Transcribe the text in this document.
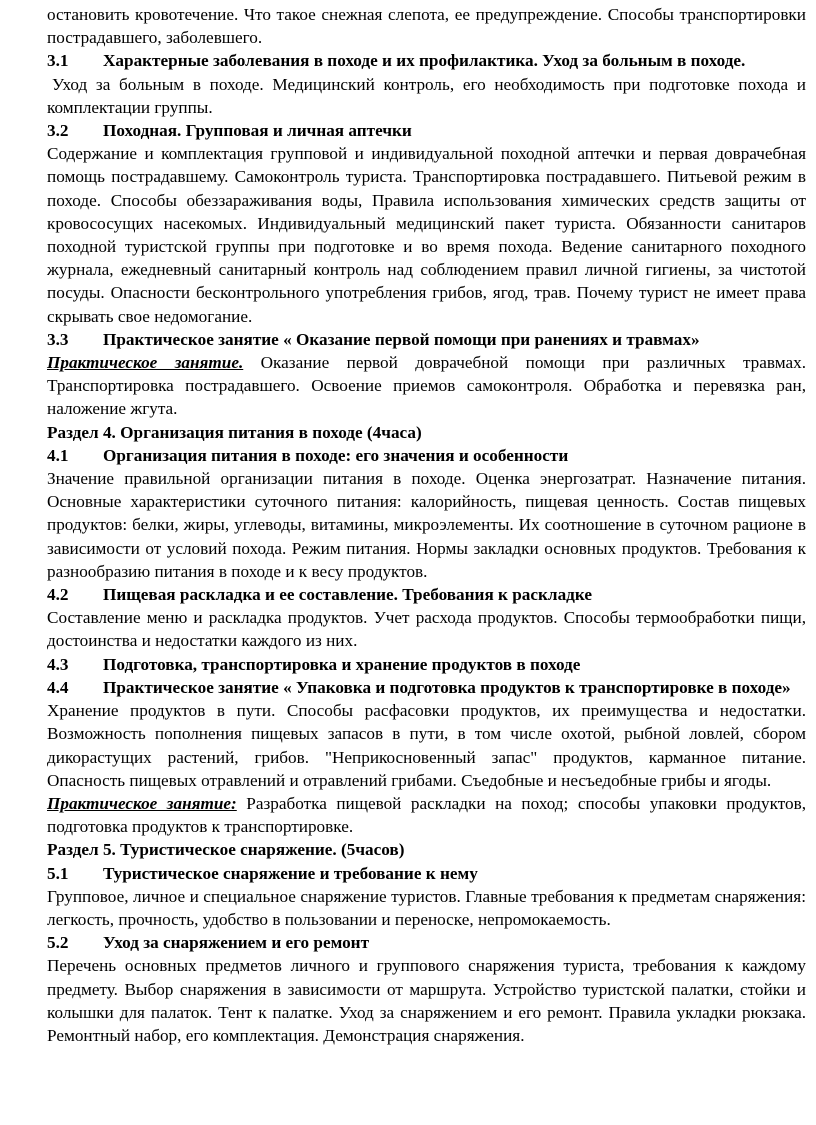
остановить кровотечение. Что такое снежная слепота, ее предупреждение. Способы транспортировки пострадавшего, заболевшего.

3.1 Характерные заболевания в походе и их профилактика. Уход за больным в походе.

Уход за больным в походе. Медицинский контроль, его необходимость при подготовке похода и комплектации группы.

3.2 Походная. Групповая и личная аптечки

Содержание и комплектация групповой и индивидуальной походной аптечки и первая доврачебная помощь пострадавшему. Самоконтроль туриста. Транспортировка пострадавшего. Питьевой режим в походе. Способы обеззараживания воды, Правила использования химических средств защиты от кровососущих насекомых. Индивидуальный медицинский пакет туриста. Обязанности санитаров походной туристской группы при подготовке и во время похода. Ведение санитарного походного журнала, ежедневный санитарный контроль над соблюдением правил личной гигиены, за чистотой посуды. Опасности бесконтрольного употребления грибов, ягод, трав. Почему турист не имеет права скрывать свое недомогание.

3.3 Практическое занятие « Оказание первой помощи при ранениях и травмах»

Практическое занятие. Оказание первой доврачебной помощи при различных травмах. Транспортировка пострадавшего. Освоение приемов самоконтроля. Обработка и перевязка ран, наложение жгута.

Раздел 4. Организация питания в походе (4часа)

4.1 Организация питания в походе: его значения и особенности

Значение правильной организации питания в походе. Оценка энергозатрат. Назначение питания. Основные характеристики суточного питания: калорийность, пищевая ценность. Состав пищевых продуктов: белки, жиры, углеводы, витамины, микроэлементы. Их соотношение в суточном рационе в зависимости от условий похода. Режим питания. Нормы закладки основных продуктов. Требования к разнообразию питания в походе и к весу продуктов.

4.2 Пищевая раскладка и ее составление. Требования к раскладке

Составление меню и раскладка продуктов. Учет расхода продуктов. Способы термообработки пищи, достоинства и недостатки каждого из них.

4.3 Подготовка, транспортировка и хранение продуктов в походе

4.4 Практическое занятие « Упаковка и подготовка продуктов к транспортировке в походе»

Хранение продуктов в пути. Способы расфасовки продуктов, их преимущества и недостатки. Возможность пополнения пищевых запасов в пути, в том числе охотой, рыбной ловлей, сбором дикорастущих растений, грибов. "Неприкосновенный запас" продуктов, карманное питание. Опасность пищевых отравлений и отравлений грибами. Съедобные и несъедобные грибы и ягоды.

Практическое занятие: Разработка пищевой раскладки на поход; способы упаковки продуктов, подготовка продуктов к транспортировке.

Раздел 5. Туристическое снаряжение. (5часов)

5.1 Туристическое снаряжение и требование к нему

Групповое, личное и специальное снаряжение туристов. Главные требования к предметам снаряжения: легкость, прочность, удобство в пользовании и переноске, непромокаемость.

5.2 Уход за снаряжением и его ремонт

Перечень основных предметов личного и группового снаряжения туриста, требования к каждому предмету. Выбор снаряжения в зависимости от маршрута. Устройство туристской палатки, стойки и колышки для палаток. Тент к палатке. Уход за снаряжением и его ремонт. Правила укладки рюкзака. Ремонтный набор, его комплектация. Демонстрация снаряжения.
